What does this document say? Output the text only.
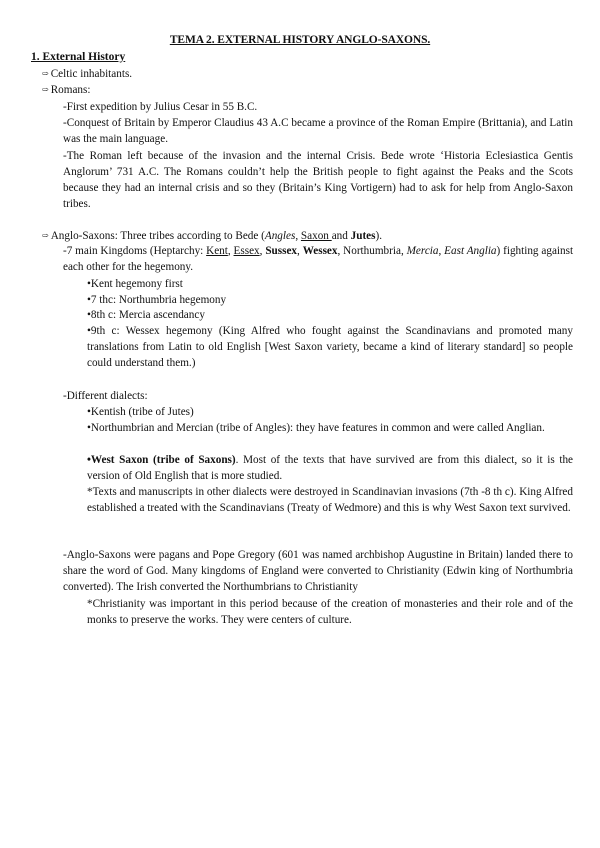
TEMA 2. EXTERNAL HISTORY ANGLO-SAXONS.
1. External History
⇨ Celtic inhabitants.
⇨ Romans:
-First expedition by Julius Cesar in 55 B.C.
-Conquest of Britain by Emperor Claudius 43 A.C became a province of the Roman Empire (Brittania), and Latin was the main language.
-The Roman left because of the invasion and the internal Crisis. Bede wrote ‘Historia Eclesiastica Gentis Anglorum’ 731 A.C. The Romans couldn’t help the British people to fight against the Peaks and the Scots because they had an internal crisis and so they (Britain’s King Vortigern) had to ask for help from Anglo-Saxon tribes.
⇨ Anglo-Saxons: Three tribes according to Bede (Angles, Saxon and Jutes).
-7 main Kingdoms (Heptarchy: Kent, Essex, Sussex, Wessex, Northumbria, Mercia, East Anglia) fighting against each other for the hegemony.
•Kent hegemony first
•7 thc: Northumbria hegemony
•8th c: Mercia ascendancy
•9th c: Wessex hegemony (King Alfred who fought against the Scandinavians and promoted many translations from Latin to old English [West Saxon variety, became a kind of literary standard] so people could understand them.)
-Different dialects:
•Kentish (tribe of Jutes)
•Northumbrian and Mercian (tribe of Angles): they have features in common and were called Anglian.
•West Saxon (tribe of Saxons). Most of the texts that have survived are from this dialect, so it is the version of Old English that is more studied.
*Texts and manuscripts in other dialects were destroyed in Scandinavian invasions (7th -8 th c). King Alfred established a treated with the Scandinavians (Treaty of Wedmore) and this is why West Saxon text survived.
-Anglo-Saxons were pagans and Pope Gregory (601 was named archbishop Augustine in Britain) landed there to share the word of God. Many kingdoms of England were converted to Christianity (Edwin king of Northumbria converted). The Irish converted the Northumbrians to Christianity
*Christianity was important in this period because of the creation of monasteries and their role and of the monks to preserve the works. They were centers of culture.
